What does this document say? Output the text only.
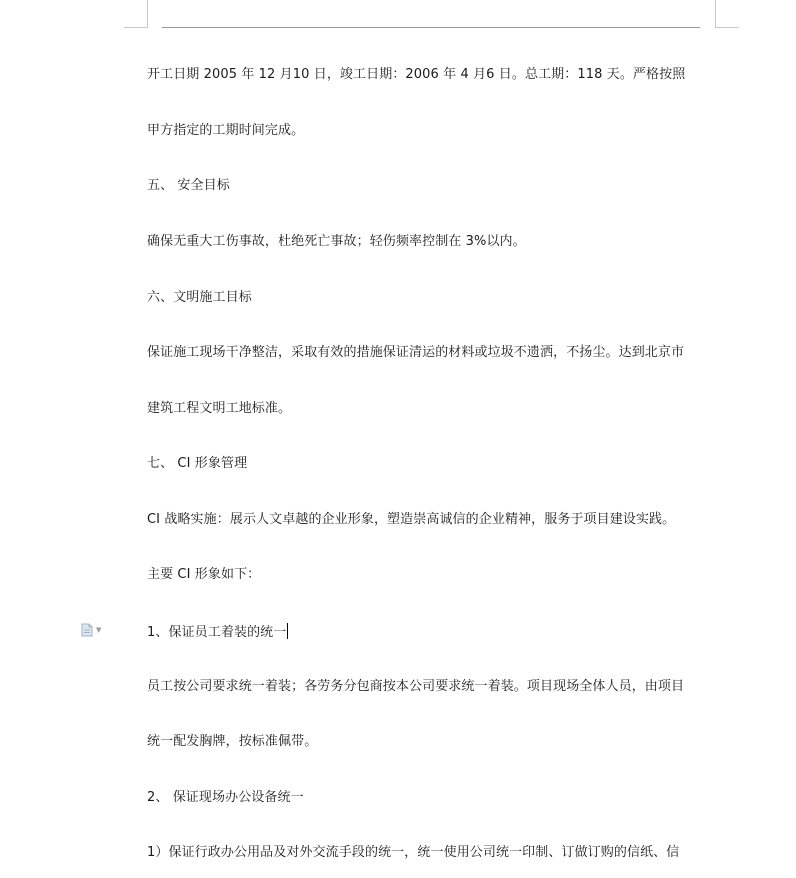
开工日期 2005 年 12 月10 日，竣工日期：2006 年 4 月6 日。总工期：118 天。严格按照
甲方指定的工期时间完成。
五、 安全目标
确保无重大工伤事故，杜绝死亡事故；轻伤频率控制在 3%以内。
六、文明施工目标
保证施工现场干净整洁，采取有效的措施保证清运的材料或垃圾不遗洒，不扬尘。达到北京市
建筑工程文明工地标准。
七、 CI 形象管理
CI 战略实施：展示人文卓越的企业形象，塑造崇高诚信的企业精神，服务于项目建设实践。
主要 CI 形象如下：
1、保证员工着装的统一
员工按公司要求统一着装；各劳务分包商按本公司要求统一着装。项目现场全体人员，由项目
统一配发胸牌，按标准佩带。
2、 保证现场办公设备统一
1）保证行政办公用品及对外交流手段的统一，统一使用公司统一印制、订做订购的信纸、信
▼
